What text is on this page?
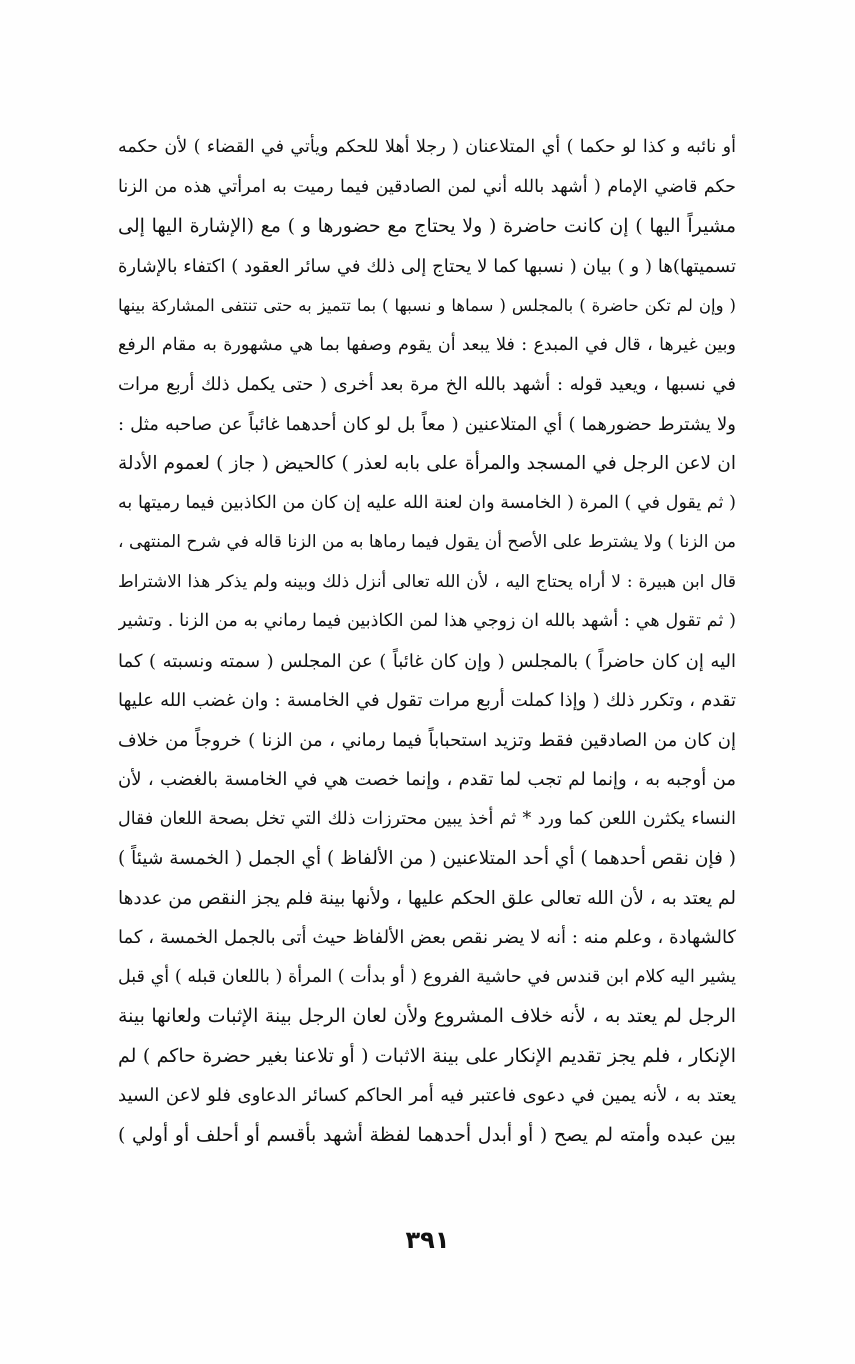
أو نائبه و كذا لو حكما ) أي المتلاعنان ( رجلا أهلا للحكم ويأتي في القضاء ) لأن حكمه
حكم قاضي الإمام ( أشهد بالله أني لمن الصادقين فيما رميت به امرأتي هذه من الزنا
مشيراً اليها ) إن كانت حاضرة ( ولا يحتاج مع حضورها و ) مع (الإشارة اليها إلى
تسميتها)ها ( و ) بيان ( نسبها كما لا يحتاج إلى ذلك في سائر العقود ) اكتفاء بالإشارة
( وإن لم تكن حاضرة ) بالمجلس ( سماها و نسبها ) بما تتميز به حتى تنتفى المشاركة بينها
وبين غيرها ، قال في المبدع : فلا يبعد أن يقوم وصفها بما هي مشهورة به مقام الرفع
في نسبها ، ويعيد قوله : أشهد بالله الخ مرة بعد أخرى ( حتى يكمل ذلك أربع مرات
ولا يشترط حضورهما ) أي المتلاعنين ( معاً بل لو كان أحدهما غائباً عن صاحبه مثل :
ان لاعن الرجل في المسجد والمرأة على بابه لعذر ) كالحيض ( جاز ) لعموم الأدلة
( ثم يقول في ) المرة ( الخامسة وان لعنة الله عليه إن كان من الكاذبين فيما رميتها به
من الزنا ) ولا يشترط على الأصح أن يقول فيما رماها به من الزنا قاله في شرح المنتهى ،
قال ابن هبيرة : لا أراه يحتاج اليه ، لأن الله تعالى أنزل ذلك وبينه ولم يذكر هذا الاشتراط
( ثم تقول هي : أشهد بالله ان زوجي هذا لمن الكاذبين فيما رماني به من الزنا . وتشير
اليه إن كان حاضراً ) بالمجلس ( وإن كان غائباً ) عن المجلس ( سمته ونسبته ) كما
تقدم ، وتكرر ذلك ( وإذا كملت أربع مرات تقول في الخامسة : وان غضب الله عليها
إن كان من الصادقين فقط وتزيد استحباباً فيما رماني ، من الزنا ) خروجاً من خلاف
من أوجبه به ، وإنما لم تجب لما تقدم ، وإنما خصت هي في الخامسة بالغضب ، لأن
النساء يكثرن اللعن كما ورد * ثم أخذ يبين محترزات ذلك التي تخل بصحة اللعان فقال
( فإن نقص أحدهما ) أي أحد المتلاعنين ( من الألفاظ ) أي الجمل ( الخمسة شيئاً )
لم يعتد به ، لأن الله تعالى علق الحكم عليها ، ولأنها بينة فلم يجز النقص من عددها
كالشهادة ، وعلم منه : أنه لا يضر نقص بعض الألفاظ حيث أتى بالجمل الخمسة ، كما
يشير اليه كلام ابن قندس في حاشية الفروع ( أو بدأت ) المرأة ( باللعان قبله ) أي قبل
الرجل لم يعتد به ، لأنه خلاف المشروع ولأن لعان الرجل بينة الإثبات ولعانها بينة
الإنكار ، فلم يجز تقديم الإنكار على بينة الاثبات ( أو تلاعنا بغير حضرة حاكم ) لم
يعتد به ، لأنه يمين في دعوى فاعتبر فيه أمر الحاكم كسائر الدعاوى فلو لاعن السيد
بين عبده وأمته لم يصح ( أو أبدل أحدهما لفظة أشهد بأقسم أو أحلف أو أولي )
٣٩١
